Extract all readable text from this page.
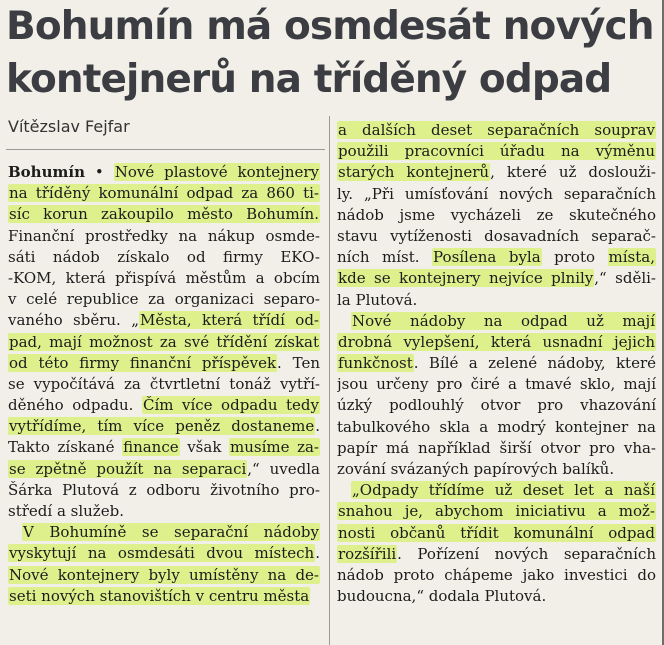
Bohumín má osmdesát nových
kontejnerů na tříděný odpad
Vítězslav Fejfar
Bohumín • Nové plastové kontejnery
na tříděný komunální odpad za 860 ti-
síc korun zakoupilo město Bohumín.
Finanční prostředky na nákup osmde-
sáti nádob získalo od firmy EKO-
-KOM, která přispívá městům a obcím
v celé republice za organizaci separo-
vaného sběru. „Města, která třídí od-
pad, mají možnost za své třídění získat
od této firmy finanční příspěvek. Ten
se vypočítává za čtvrtletní tonáž vytří-
děného odpadu. Čím více odpadu tedy
vytřídíme, tím více peněz dostaneme.
Takto získané finance však musíme za-
se zpětně použít na separaci,“ uvedla
Šárka Plutová z odboru životního pro-
středí a služeb.
V Bohumíně se separační nádoby
vyskytují na osmdesáti dvou místech.
Nové kontejnery byly umístěny na de-
seti nových stanovištích v centru města
a dalších deset separačních souprav
použili pracovníci úřadu na výměnu
starých kontejnerů, které už doslouži-
ly. „Při umísťování nových separačních
nádob jsme vycházeli ze skutečného
stavu vytíženosti dosavadních separač-
ních míst. Posílena byla proto místa,
kde se kontejnery nejvíce plnily,“ sděli-
la Plutová.
Nové nádoby na odpad už mají
drobná vylepšení, která usnadní jejich
funkčnost. Bílé a zelené nádoby, které
jsou určeny pro čiré a tmavé sklo, mají
úzký podlouhlý otvor pro vhazování
tabulkového skla a modrý kontejner na
papír má například širší otvor pro vha-
zování svázaných papírových balíků.
„Odpady třídíme už deset let a naší
snahou je, abychom iniciativu a mož-
nosti občanů třídit komunální odpad
rozšířili. Pořízení nových separačních
nádob proto chápeme jako investici do
budoucna,“ dodala Plutová.
